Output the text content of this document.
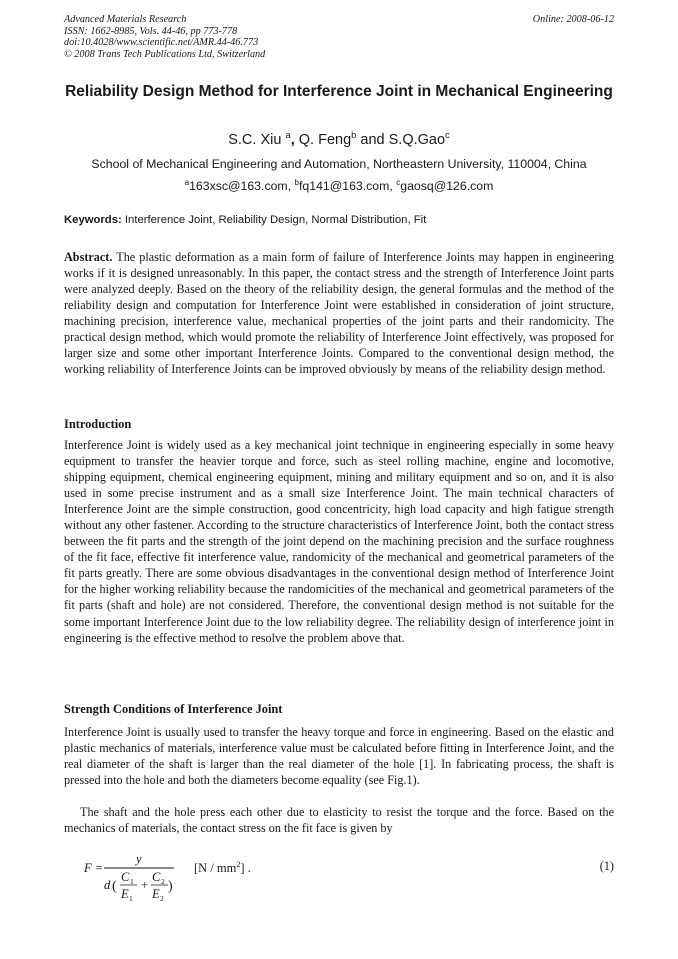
Advanced Materials Research
ISSN: 1662-8985, Vols. 44-46, pp 773-778
doi:10.4028/www.scientific.net/AMR.44-46.773
© 2008 Trans Tech Publications Ltd, Switzerland
Online: 2008-06-12
Reliability Design Method for Interference Joint in Mechanical Engineering
S.C. Xiu $^a$, Q. Feng$^b$ and S.Q.Gao$^c$
School of Mechanical Engineering and Automation, Northeastern University, 110004, China
$^a$163xsc@163.com, $^b$fq141@163.com, $^c$gaosq@126.com
Keywords: Interference Joint, Reliability Design, Normal Distribution, Fit

Abstract. The plastic deformation as a main form of failure of Interference Joints may happen in engineering works if it is designed unreasonably. In this paper, the contact stress and the strength of Interference Joint parts were analyzed deeply. Based on the theory of the reliability design, the general formulas and the method of the reliability design and computation for Interference Joint were established in consideration of joint structure, machining precision, interference value, mechanical properties of the joint parts and their randomicity. The practical design method, which would promote the reliability of Interference Joint effectively, was proposed for larger size and some other important Interference Joints. Compared to the conventional design method, the working reliability of Interference Joints can be improved obviously by means of the reliability design method.

Introduction

Interference Joint is widely used as a key mechanical joint technique in engineering especially in some heavy equipment to transfer the heavier torque and force, such as steel rolling machine, engine and locomotive, shipping equipment, chemical engineering equipment, mining and military equipment and so on, and it is also used in some precise instrument and as a small size Interference Joint. The main technical characters of Interference Joint are the simple construction, good concentricity, high load capacity and high fatigue strength without any other fastener. According to the structure characteristics of Interference Joint, both the contact stress between the fit parts and the strength of the joint depend on the machining precision and the surface roughness of the fit face, effective fit interference value, randomicity of the mechanical and geometrical parameters of the fit parts greatly. There are some obvious disadvantages in the conventional design method of Interference Joint for the higher working reliability because the randomicities of the mechanical and geometrical parameters of the fit parts (shaft and hole) are not considered. Therefore, the conventional design method is not suitable for the some important Interference Joint due to the low reliability degree. The reliability design of interference joint in engineering is the effective method to resolve the problem above that.

Strength Conditions of Interference Joint

Interference Joint is usually used to transfer the heavy torque and force in engineering. Based on the elastic and plastic mechanics of materials, interference value must be calculated before fitting in Interference Joint, and the real diameter of the shaft is larger than the real diameter of the hole [1]. In fabricating process, the shaft is pressed into the hole and both the diameters become equality (see Fig.1).

The shaft and the hole press each other due to elasticity to resist the torque and the force. Based on the mechanics of materials, the contact stress on the fit face is given by

F =
y
d (
C 1
E 1
+
C 2
E 2
)
$[N / mm^2]$ .	(1)
